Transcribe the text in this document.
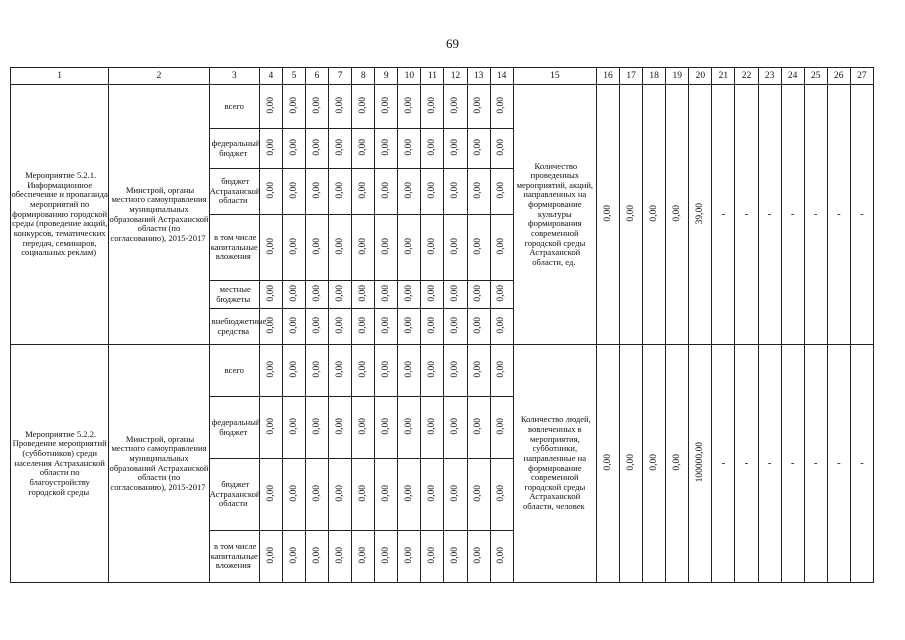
69
1	2	3	4	5	6	7	8	9	10	11	12	13	14	15	16	17	18	19	20	21	22	23	24	25	26	27
Мероприятие 5.2.1. Информационное обеспечение и пропаганда мероприятий по формированию городской среды (проведение акций, конкурсов, тематических передач, семинаров, социальных реклам)	Минстрой, органы местного самоуправления муниципальных образований Астраханской области (по согласованию), 2015-2017	всего	0,00	0,00	0,00	0,00	0,00	0,00	0,00	0,00	0,00	0,00	0,00	Количество проведенных мероприятий, акций, направленных на формирование культуры формирования современной городской среды Астраханской области, ед.	0,00	0,00	0,00	0,00	39,00	-	-	-	-	-	-	-
		федеральный бюджет	0,00	0,00	0,00	0,00	0,00	0,00	0,00	0,00	0,00	0,00	0,00													
		бюджет Астраханской области	0,00	0,00	0,00	0,00	0,00	0,00	0,00	0,00	0,00	0,00	0,00													
		в том числе капитальные вложения	0,00	0,00	0,00	0,00	0,00	0,00	0,00	0,00	0,00	0,00	0,00													
		местные бюджеты	0,00	0,00	0,00	0,00	0,00	0,00	0,00	0,00	0,00	0,00	0,00													
		внебюджетные средства	0,00	0,00	0,00	0,00	0,00	0,00	0,00	0,00	0,00	0,00	0,00													
Мероприятие 5.2.2. Проведение мероприятий (субботников) среди населения Астраханской области по благоустройству городской среды	Минстрой, органы местного самоуправления муниципальных образований Астраханской области (по согласованию), 2015-2017	всего	0,00	0,00	0,00	0,00	0,00	0,00	0,00	0,00	0,00	0,00	0,00	Количество людей, вовлеченных в мероприятия, субботники, направленные на формирование современной городской среды Астраханской области, человек	0,00	0,00	0,00	0,00	100000,00	-	-	-	-	-	-	-
		федеральный бюджет	0,00	0,00	0,00	0,00	0,00	0,00	0,00	0,00	0,00	0,00	0,00													
		бюджет Астраханской области	0,00	0,00	0,00	0,00	0,00	0,00	0,00	0,00	0,00	0,00	0,00													
		в том числе капитальные вложения	0,00	0,00	0,00	0,00	0,00	0,00	0,00	0,00	0,00	0,00	0,00													
